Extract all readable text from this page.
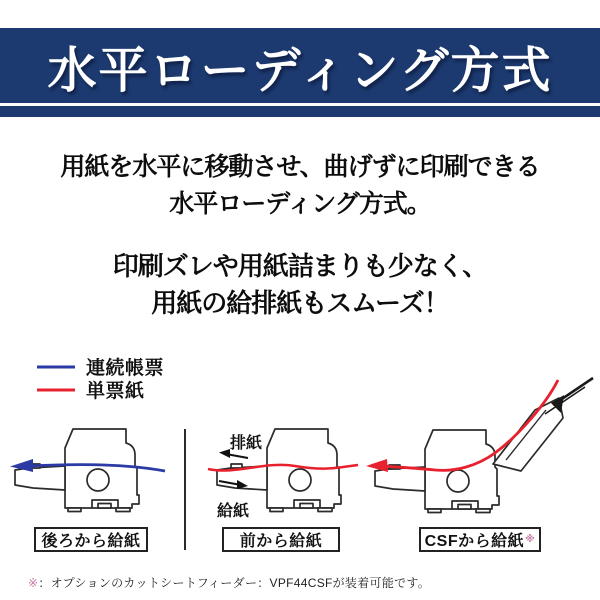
水平ローディング方式
用紙を水平に移動させ、曲げずに印刷できる
水平ローディング方式。
印刷ズレや用紙詰まりも少なく、
用紙の給排紙もスムーズ！
連続帳票
単票紙
排紙
給紙
後ろから給紙	前から給紙	CSFから給紙 ※
※：オプションのカットシートフィーダー：VPF44CSFが装着可能です。
